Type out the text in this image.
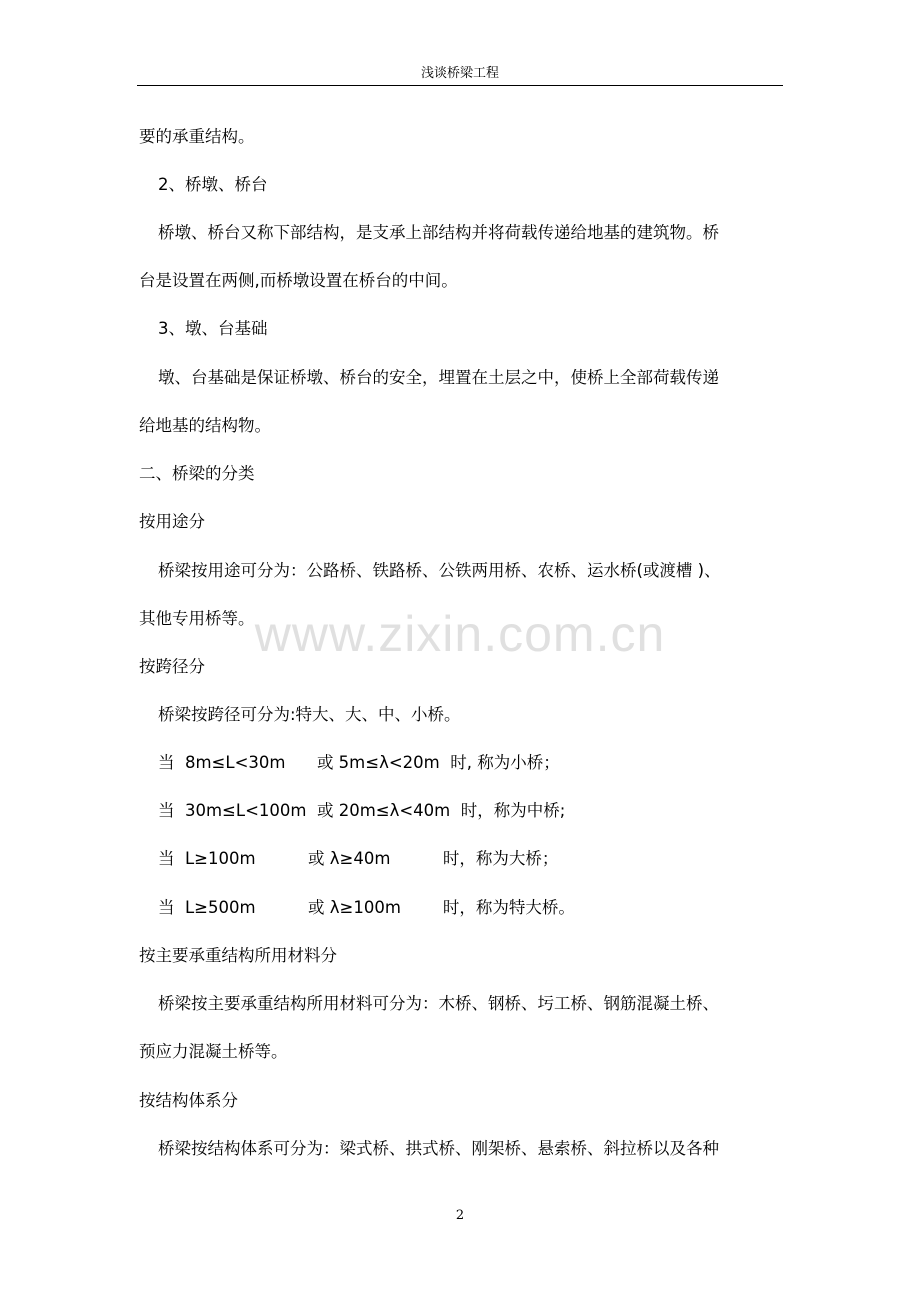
浅谈桥梁工程
要的承重结构。
2、桥墩、桥台
桥墩、桥台又称下部结构，是支承上部结构并将荷载传递给地基的建筑物。桥
台是设置在两侧,而桥墩设置在桥台的中间。
3、墩、台基础
墩、台基础是保证桥墩、桥台的安全，埋置在土层之中，使桥上全部荷载传递
给地基的结构物。
二、桥梁的分类
按用途分
桥梁按用途可分为：公路桥、铁路桥、公铁两用桥、农桥、运水桥(或渡槽 )、
其他专用桥等。
按跨径分
桥梁按跨径可分为:特大、大、中、小桥。
当  8m≤L<30m      或 5m≤λ<20m  时, 称为小桥；
当  30m≤L<100m  或 20m≤λ<40m  时，称为中桥;
当  L≥100m          或 λ≥40m          时，称为大桥；
当  L≥500m          或 λ≥100m        时，称为特大桥。
按主要承重结构所用材料分
桥梁按主要承重结构所用材料可分为：木桥、钢桥、圬工桥、钢筋混凝土桥、
预应力混凝土桥等。
按结构体系分
桥梁按结构体系可分为：梁式桥、拱式桥、刚架桥、悬索桥、斜拉桥以及各种
www.zixin.com.cn
2
